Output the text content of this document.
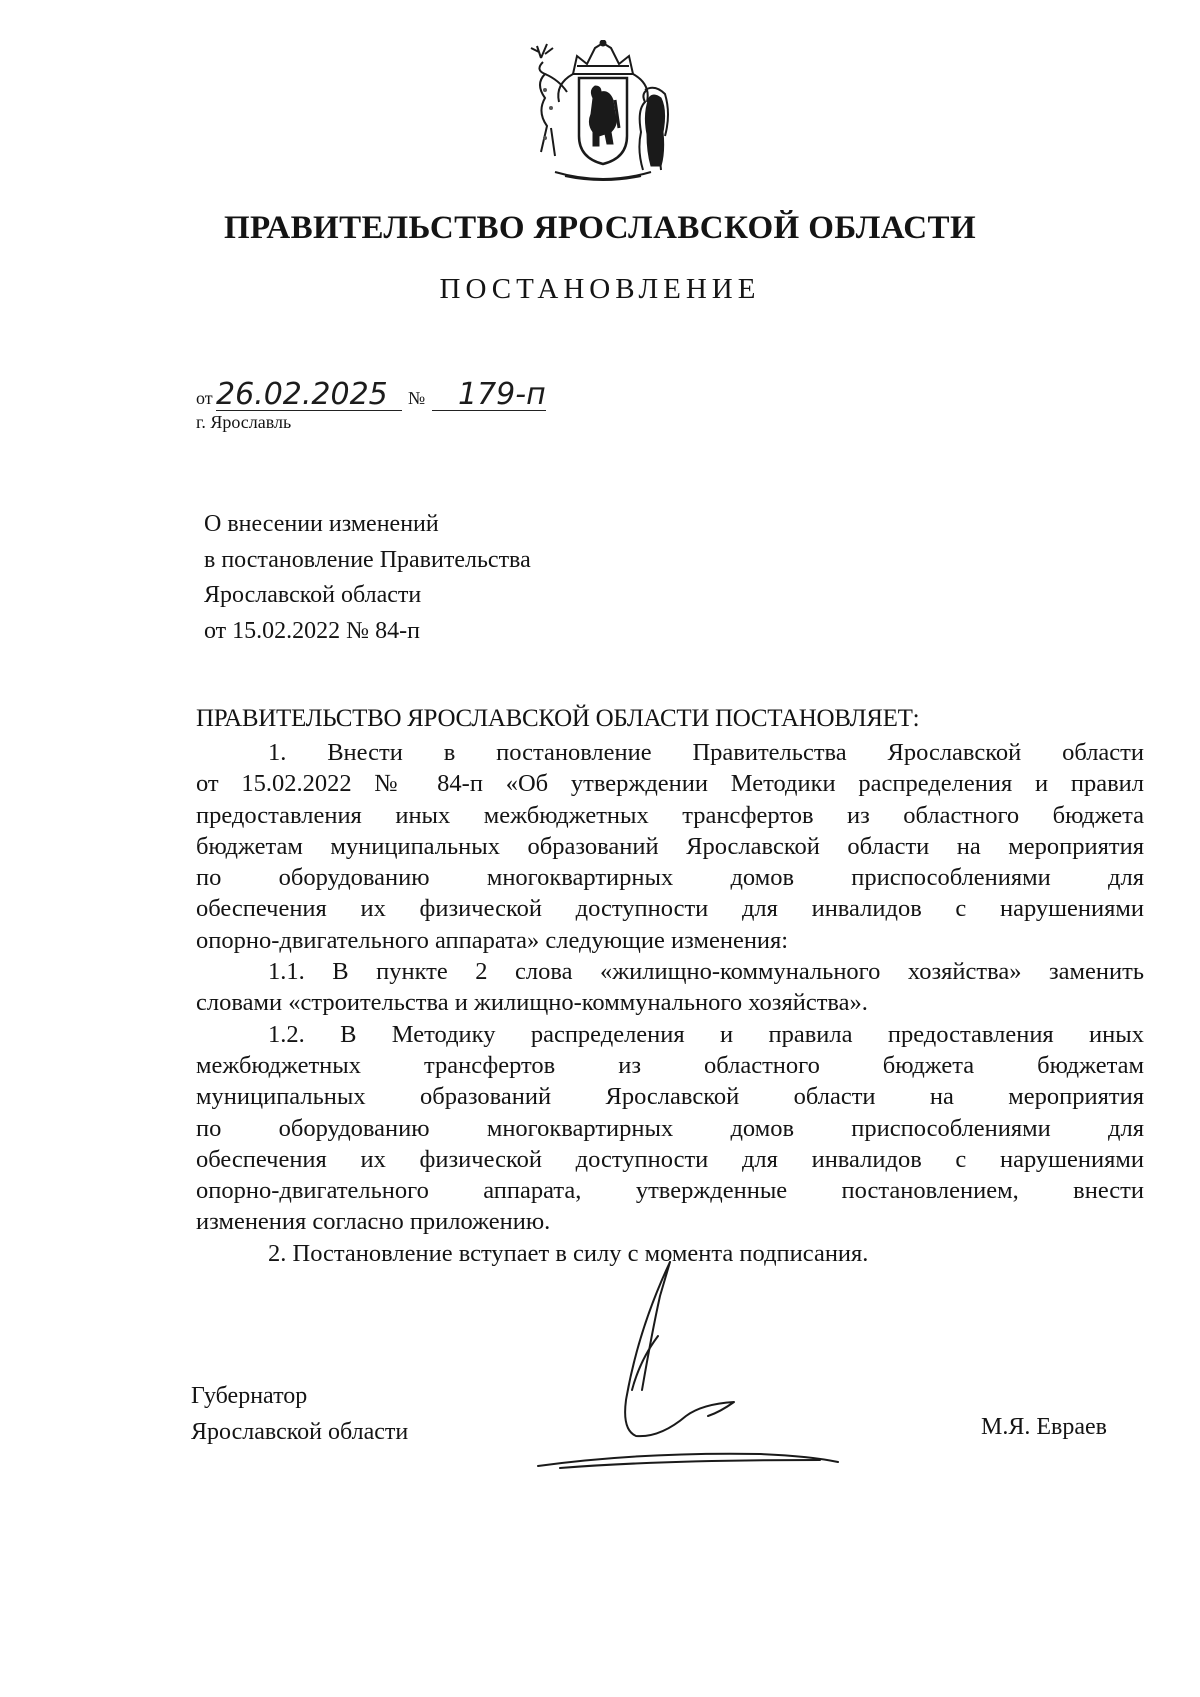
ПРАВИТЕЛЬСТВО ЯРОСЛАВСКОЙ ОБЛАСТИ
ПОСТАНОВЛЕНИЕ
от 26.02.2025 № 179-п
г. Ярославль
О внесении изменений
в постановление Правительства
Ярославской области
от 15.02.2022 № 84-п
ПРАВИТЕЛЬСТВО ЯРОСЛАВСКОЙ ОБЛАСТИ ПОСТАНОВЛЯЕТ:
1. Внести в постановление Правительства Ярославской области
от 15.02.2022 № 84-п «Об утверждении Методики распределения и правил
предоставления иных межбюджетных трансфертов из областного бюджета
бюджетам муниципальных образований Ярославской области на мероприятия
по оборудованию многоквартирных домов приспособлениями для
обеспечения их физической доступности для инвалидов с нарушениями
опорно-двигательного аппарата» следующие изменения:
1.1. В пункте 2 слова «жилищно-коммунального хозяйства» заменить
словами «строительства и жилищно-коммунального хозяйства».
1.2. В Методику распределения и правила предоставления иных
межбюджетных трансфертов из областного бюджета бюджетам
муниципальных образований Ярославской области на мероприятия
по оборудованию многоквартирных домов приспособлениями для
обеспечения их физической доступности для инвалидов с нарушениями
опорно-двигательного аппарата, утвержденные постановлением, внести
изменения согласно приложению.
2. Постановление вступает в силу с момента подписания.
Губернатор
Ярославской области	М.Я. Евраев
